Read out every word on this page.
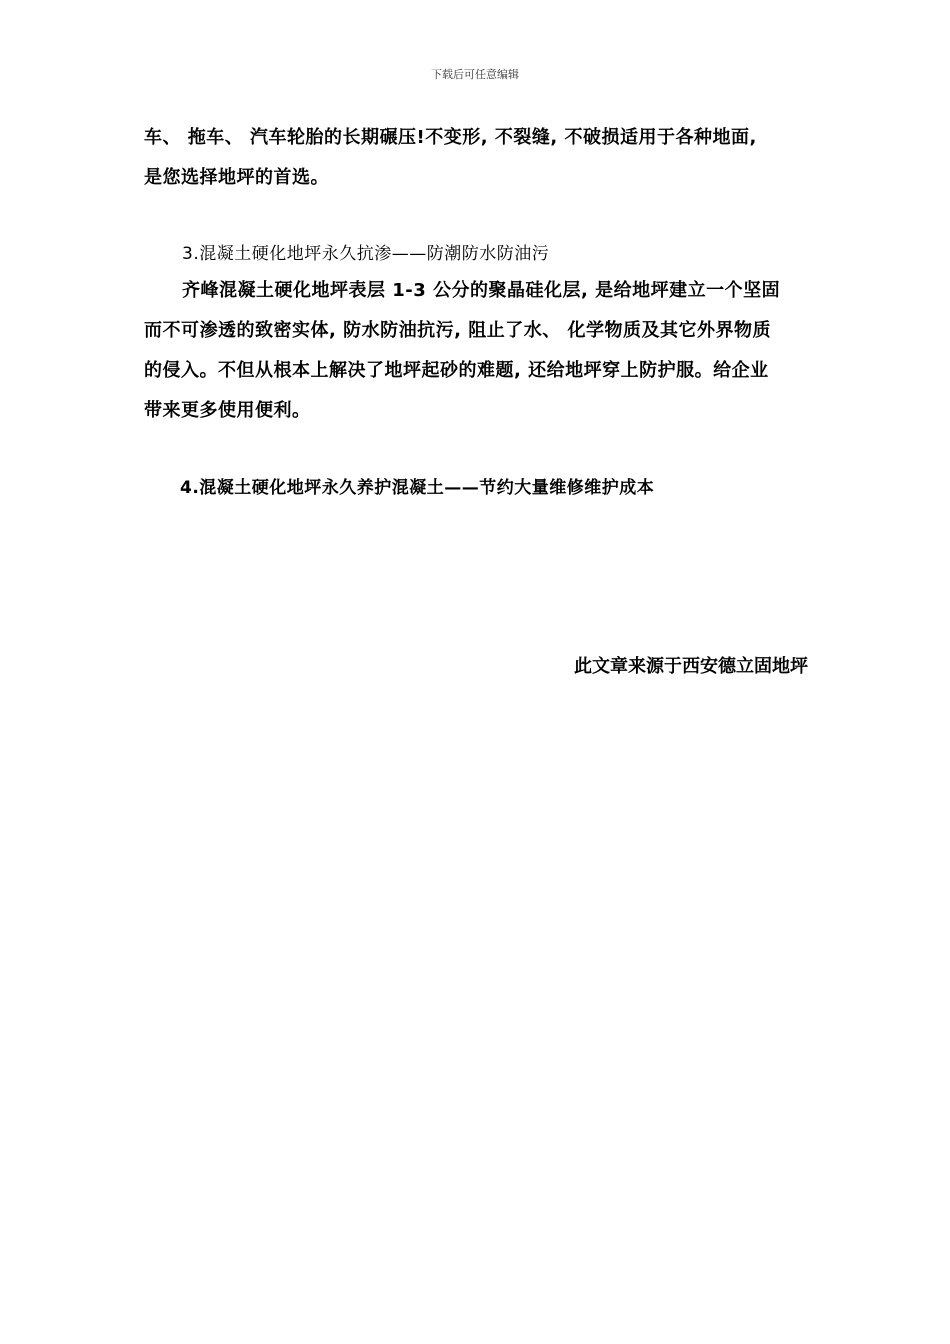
下载后可任意编辑
车、 拖车、 汽车轮胎的长期碾压!不变形, 不裂缝, 不破损适用于各种地面,
是您选择地坪的首选。
3.混凝土硬化地坪永久抗渗——防潮防水防油污
齐峰混凝土硬化地坪表层 1-3 公分的聚晶硅化层, 是给地坪建立一个坚固
而不可渗透的致密实体, 防水防油抗污, 阻止了水、 化学物质及其它外界物质
的侵入。不但从根本上解决了地坪起砂的难题, 还给地坪穿上防护服。给企业
带来更多使用便利。
4.混凝土硬化地坪永久养护混凝土——节约大量维修维护成本
此文章来源于西安德立固地坪
